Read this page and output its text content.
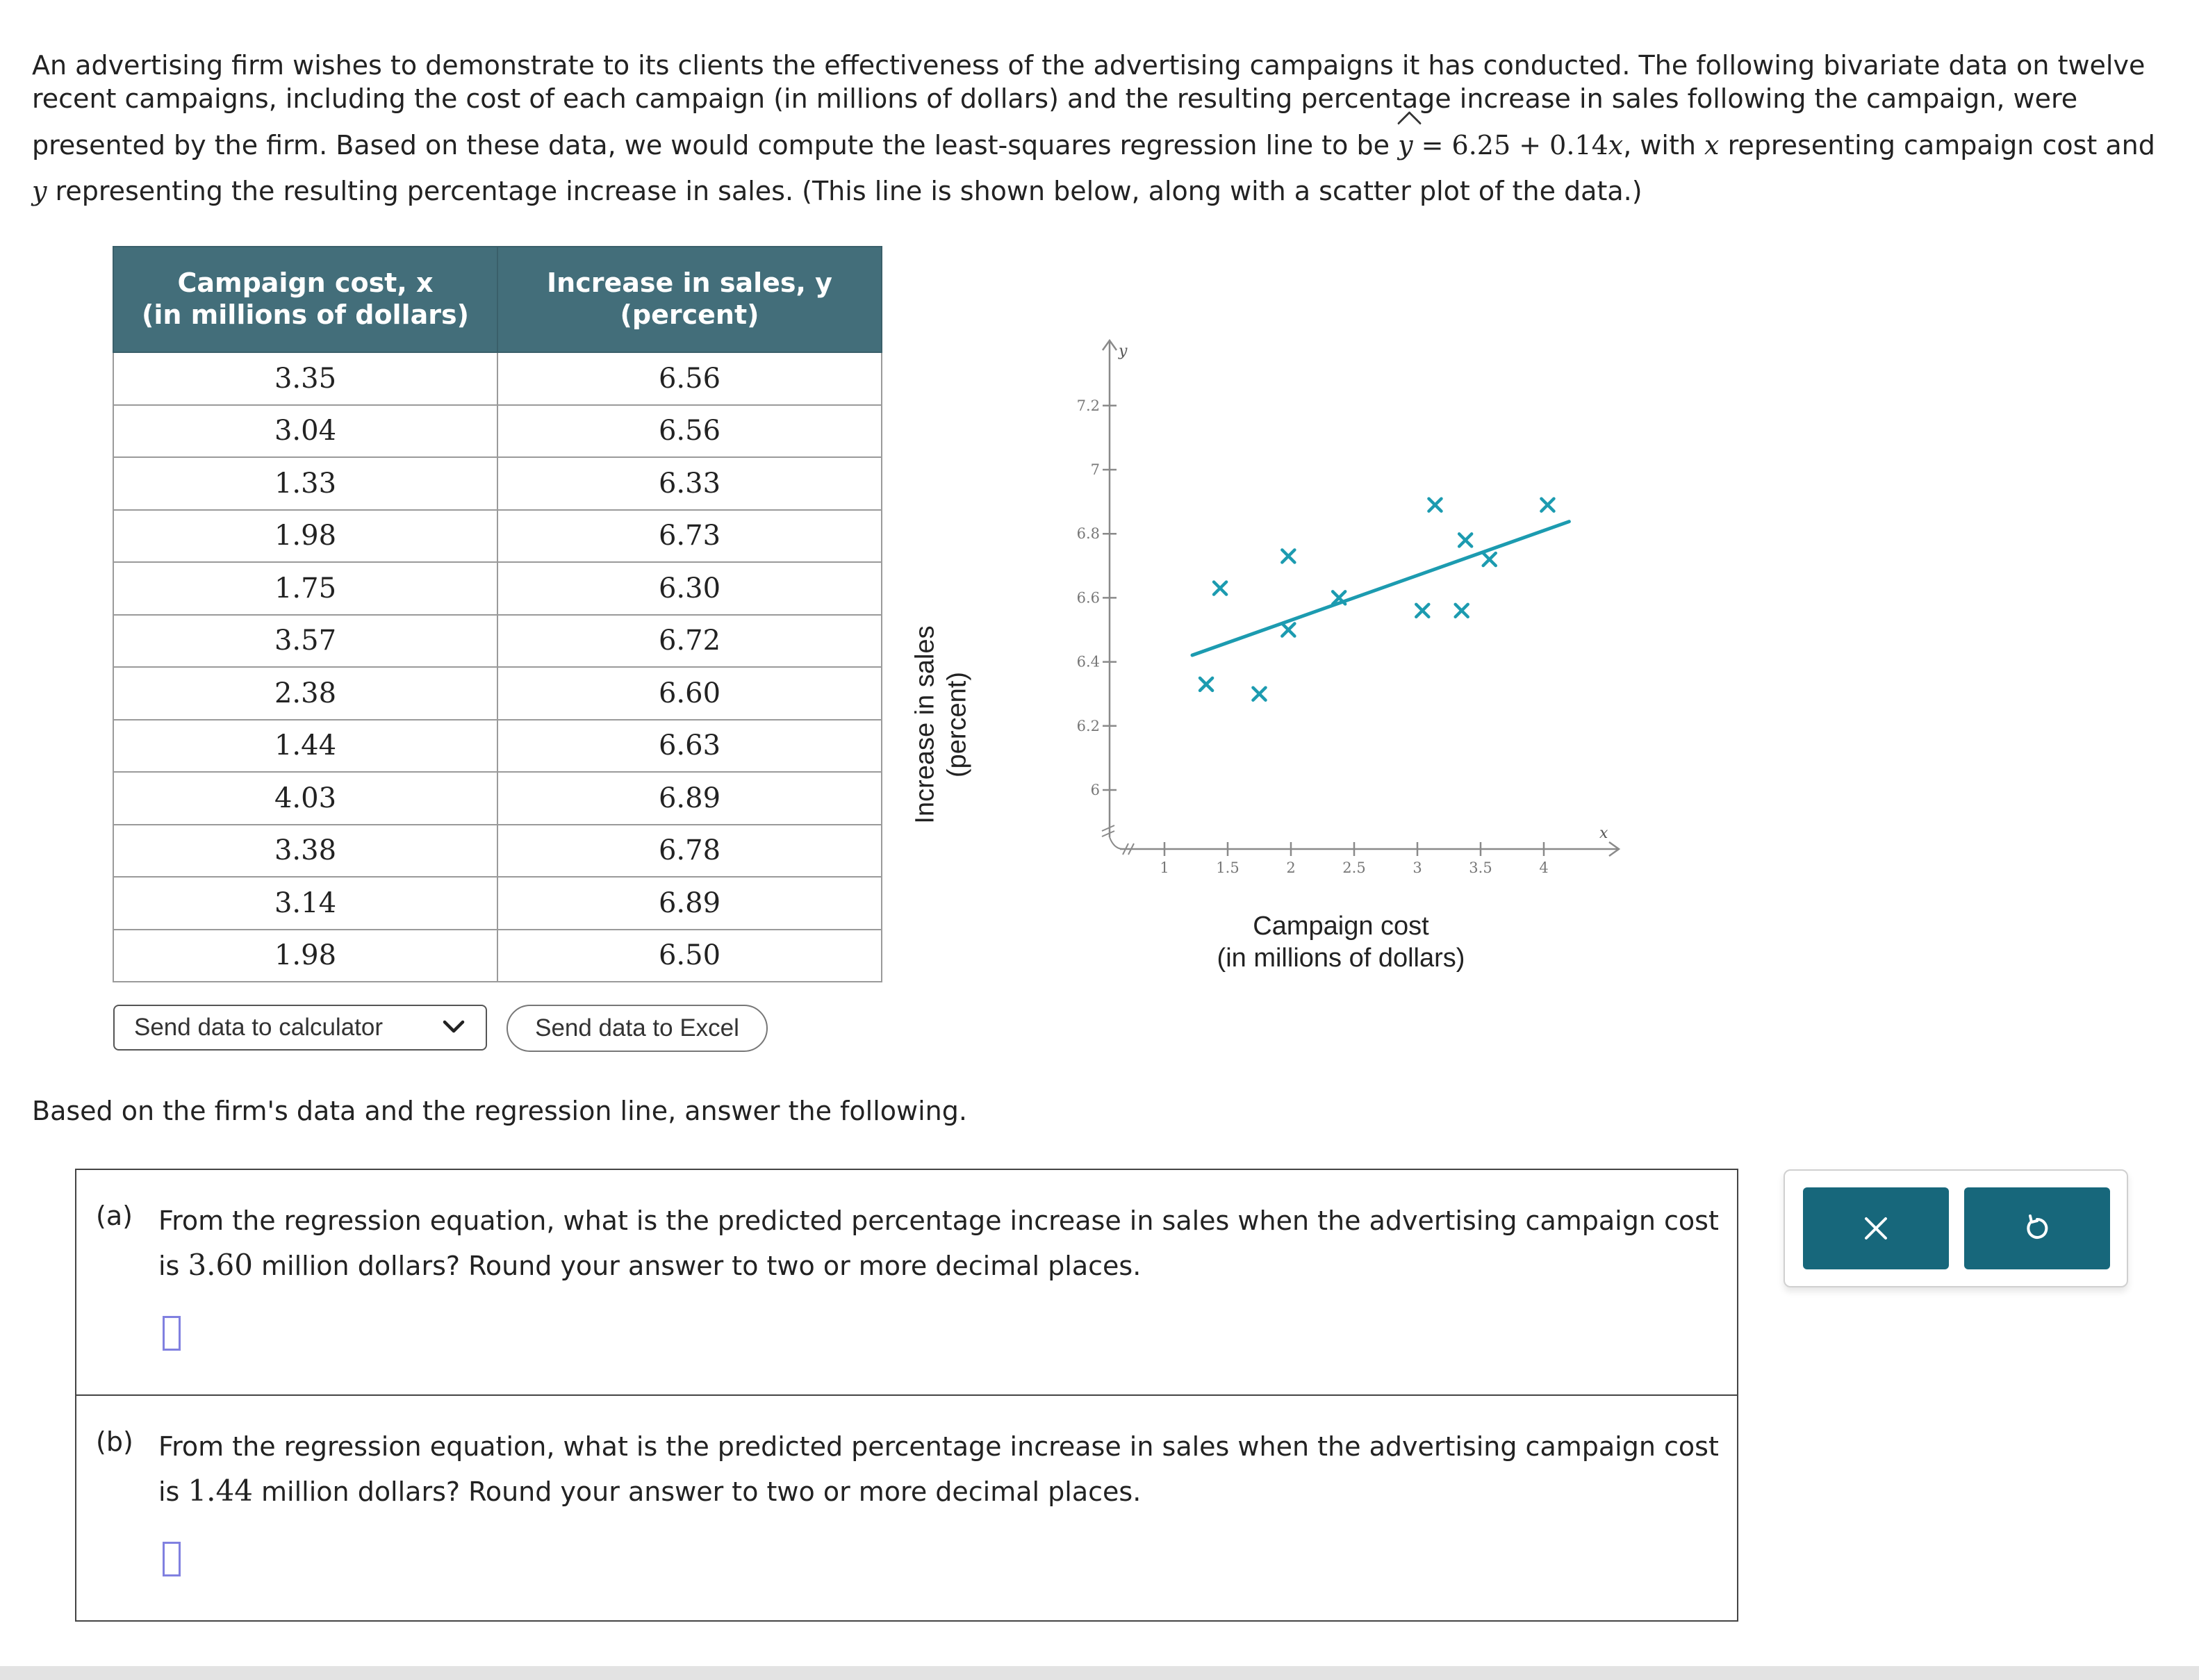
An advertising firm wishes to demonstrate to its clients the effectiveness of the advertising campaigns it has conducted. The following bivariate data on twelve

recent campaigns, including the cost of each campaign (in millions of dollars) and the resulting percentage increase in sales following the campaign, were

presented by the firm. Based on these data, we would compute the least-squares regression line to be y = 6.25 + 0.14x, with x representing campaign cost and

y representing the resulting percentage increase in sales. (This line is shown below, along with a scatter plot of the data.)

Campaign cost, x
(in millions of dollars)	Increase in sales, y
(percent)
3.35	6.56
3.04	6.56
1.33	6.33
1.98	6.73
1.75	6.30
3.57	6.72
2.38	6.60
1.44	6.63
4.03	6.89
3.38	6.78
3.14	6.89
1.98	6.50
Send data to calculator	Send data to Excel
y
x
6
6.2
6.4
6.6
6.8
7
7.2
1	1.5	2	2.5	3	3.5	4
Increase in sales (percent)
Campaign cost
(in millions of dollars)
Based on the firm's data and the regression line, answer the following.
(a) From the regression equation, what is the predicted percentage increase in sales when the advertising campaign cost
is 3.60 million dollars? Round your answer to two or more decimal places.
(b) From the regression equation, what is the predicted percentage increase in sales when the advertising campaign cost
is 1.44 million dollars? Round your answer to two or more decimal places.
